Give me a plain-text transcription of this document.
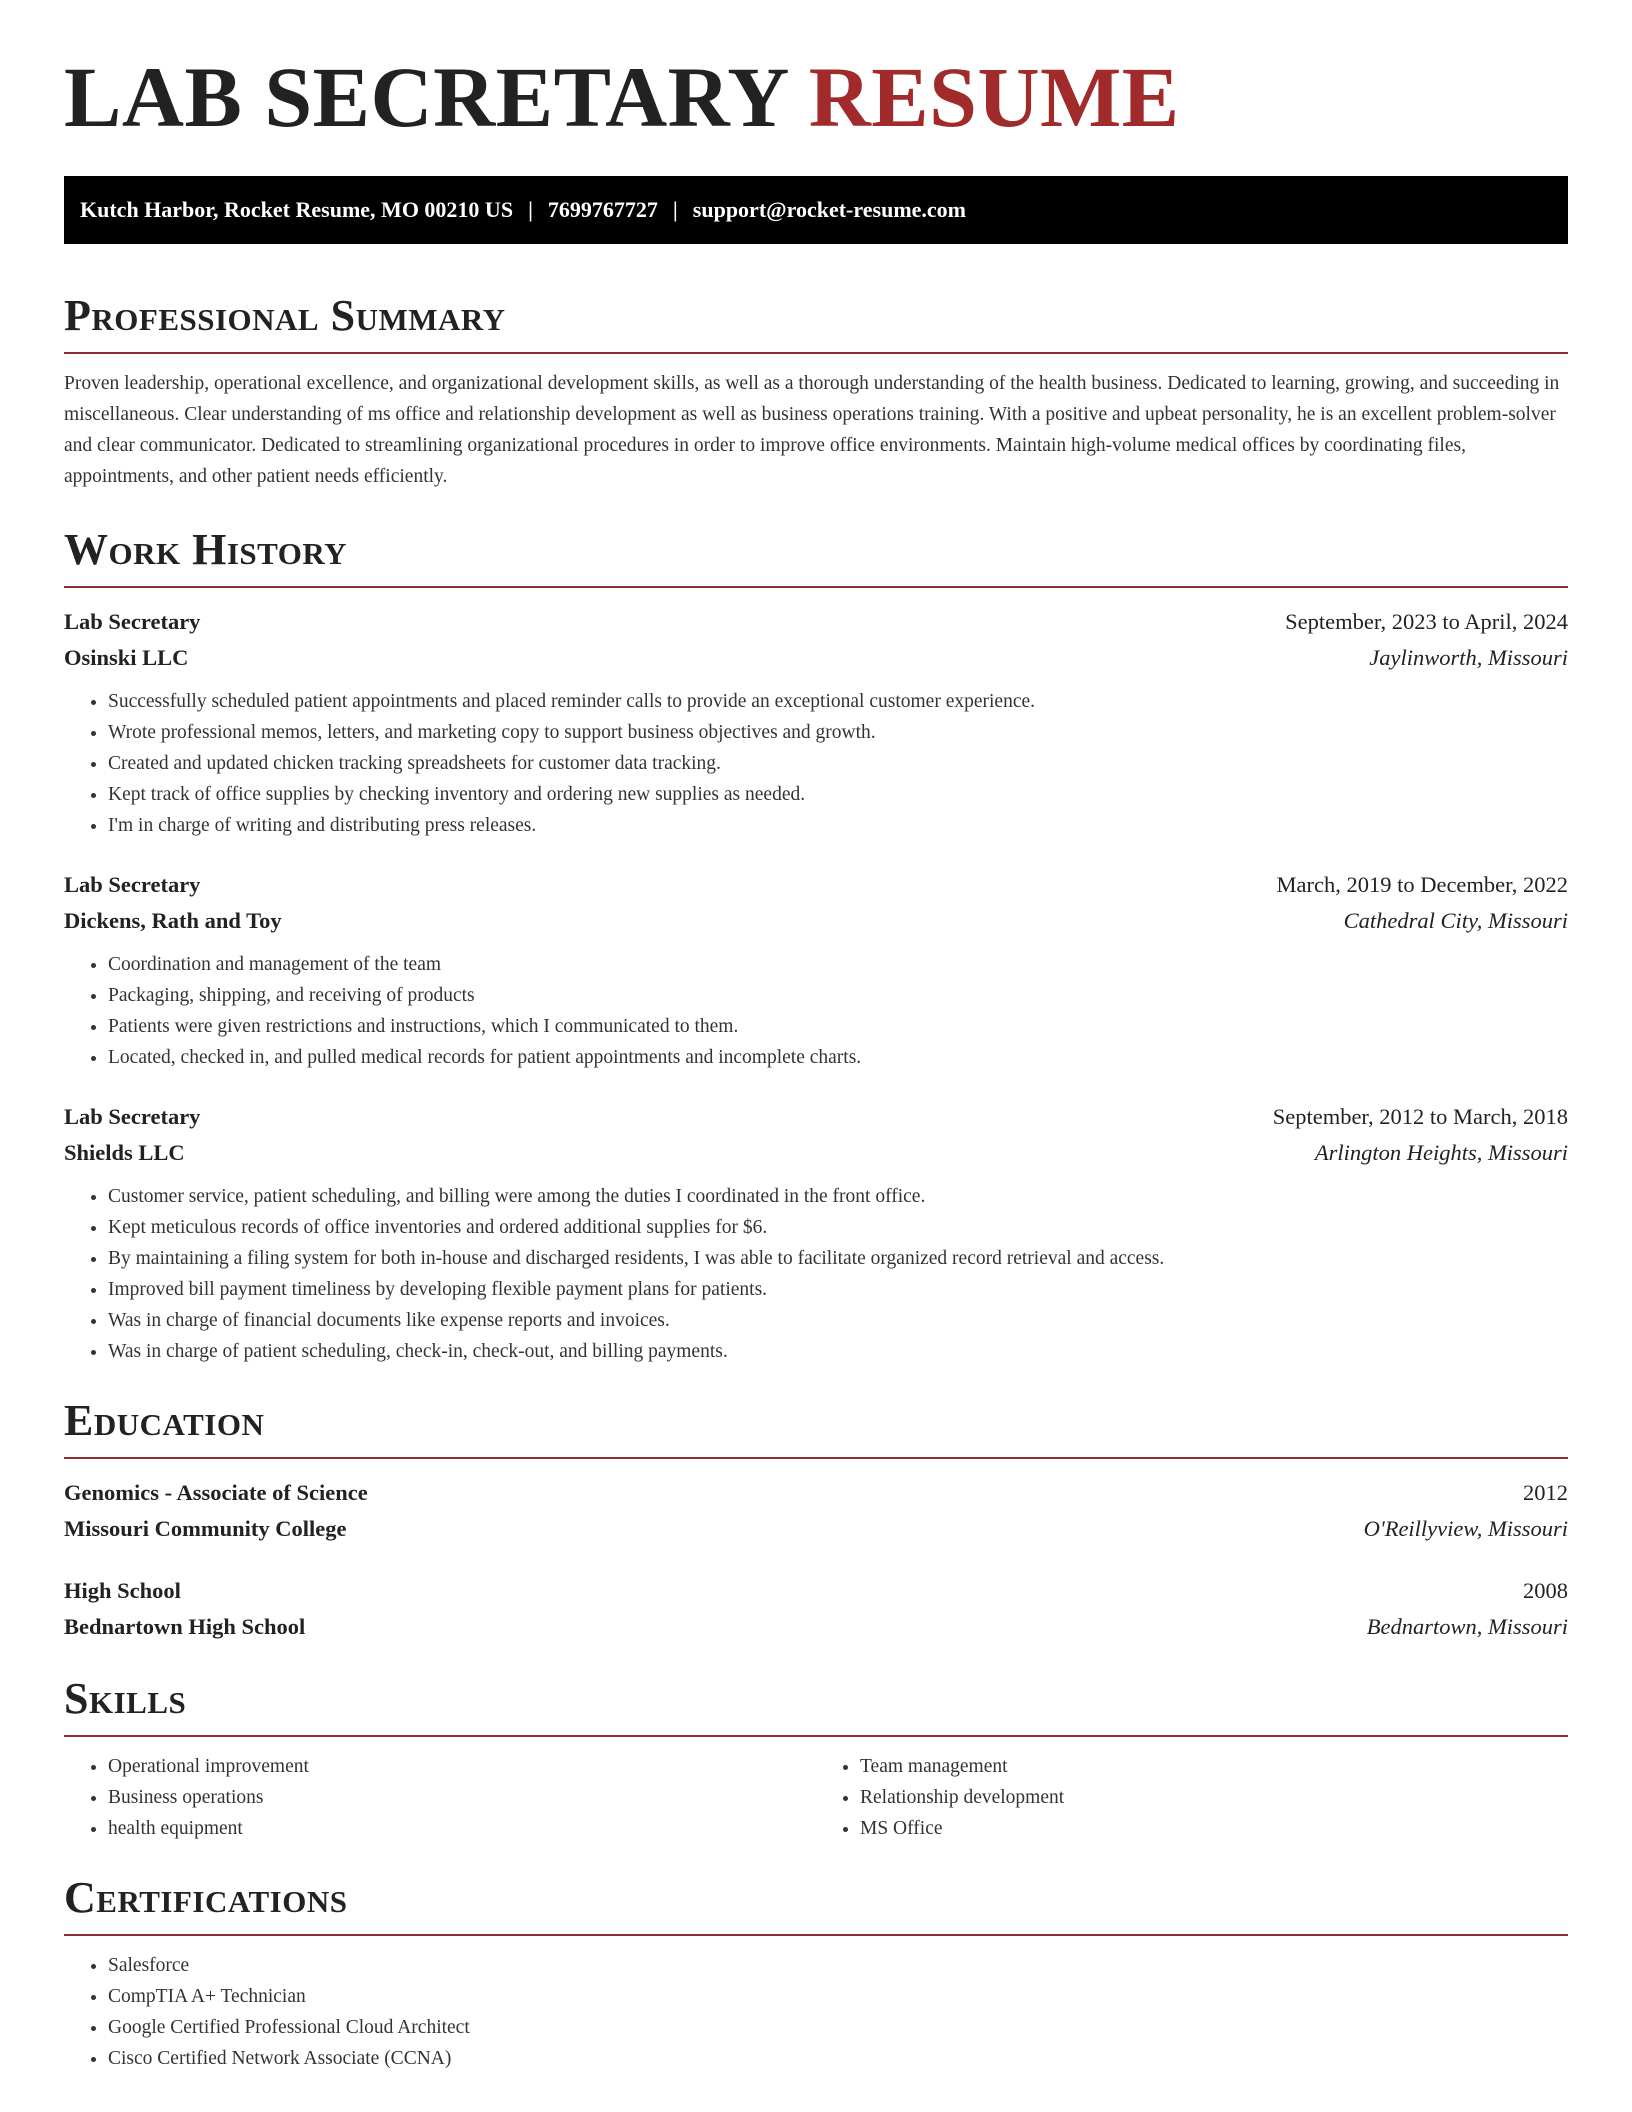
LAB SECRETARY RESUME
Kutch Harbor, Rocket Resume, MO 00210 US | 7699767727 | support@rocket-resume.com
Professional Summary

Proven leadership, operational excellence, and organizational development skills, as well as a thorough understanding of the health business. Dedicated to learning, growing, and succeeding in miscellaneous. Clear understanding of ms office and relationship development as well as business operations training. With a positive and upbeat personality, he is an excellent problem-solver and clear communicator. Dedicated to streamlining organizational procedures in order to improve office environments. Maintain high-volume medical offices by coordinating files, appointments, and other patient needs efficiently.

Work History
Lab Secretary	September, 2023 to April, 2024
Osinski LLC	Jaylinworth, Missouri
• Successfully scheduled patient appointments and placed reminder calls to provide an exceptional customer experience.
• Wrote professional memos, letters, and marketing copy to support business objectives and growth.
• Created and updated chicken tracking spreadsheets for customer data tracking.
• Kept track of office supplies by checking inventory and ordering new supplies as needed.
• I'm in charge of writing and distributing press releases.
Lab Secretary	March, 2019 to December, 2022
Dickens, Rath and Toy	Cathedral City, Missouri
• Coordination and management of the team
• Packaging, shipping, and receiving of products
• Patients were given restrictions and instructions, which I communicated to them.
• Located, checked in, and pulled medical records for patient appointments and incomplete charts.
Lab Secretary	September, 2012 to March, 2018
Shields LLC	Arlington Heights, Missouri
• Customer service, patient scheduling, and billing were among the duties I coordinated in the front office.
• Kept meticulous records of office inventories and ordered additional supplies for $6.
• By maintaining a filing system for both in-house and discharged residents, I was able to facilitate organized record retrieval and access.
• Improved bill payment timeliness by developing flexible payment plans for patients.
• Was in charge of financial documents like expense reports and invoices.
• Was in charge of patient scheduling, check-in, check-out, and billing payments.
Education
Genomics - Associate of Science	2012
Missouri Community College	O'Reillyview, Missouri
High School	2008
Bednartown High School	Bednartown, Missouri
Skills
• Operational improvement
• Business operations
• health equipment
• Team management
• Relationship development
• MS Office
Certifications
• Salesforce
• CompTIA A+ Technician
• Google Certified Professional Cloud Architect
• Cisco Certified Network Associate (CCNA)
